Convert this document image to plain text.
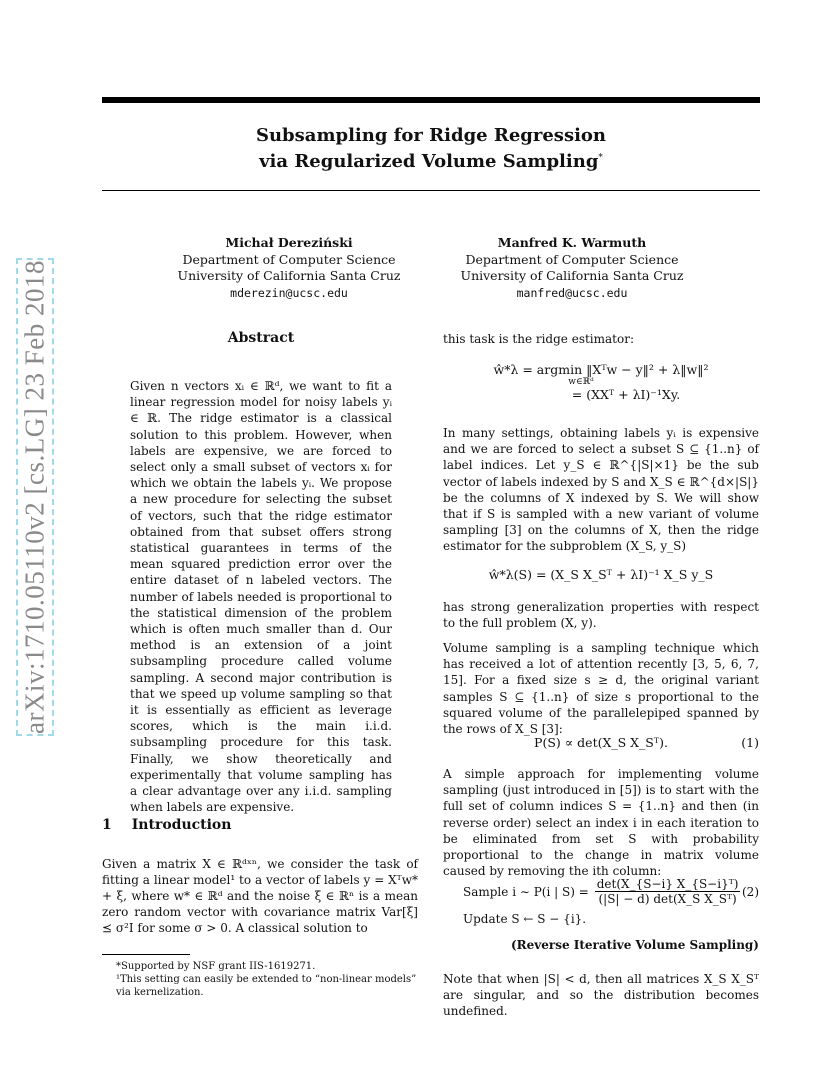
Subsampling for Ridge Regression
via Regularized Volume Sampling*
arXiv:1710.05110v2 [cs.LG] 23 Feb 2018
Michał Dereziński
Department of Computer Science
University of California Santa Cruz
mderezin@ucsc.edu
Manfred K. Warmuth
Department of Computer Science
University of California Santa Cruz
manfred@ucsc.edu
Abstract

Given n vectors xᵢ ∈ ℝᵈ, we want to fit a linear regression model for noisy labels yᵢ ∈ ℝ. The ridge estimator is a classical solution to this problem. However, when labels are expensive, we are forced to select only a small subset of vectors xᵢ for which we obtain the labels yᵢ. We propose a new procedure for selecting the subset of vectors, such that the ridge estimator obtained from that subset offers strong statistical guarantees in terms of the mean squared prediction error over the entire dataset of n labeled vectors. The number of labels needed is proportional to the statistical dimension of the problem which is often much smaller than d. Our method is an extension of a joint subsampling procedure called volume sampling. A second major contribution is that we speed up volume sampling so that it is essentially as efficient as leverage scores, which is the main i.i.d. subsampling procedure for this task. Finally, we show theoretically and experimentally that volume sampling has a clear advantage over any i.i.d. sampling when labels are expensive.

1 Introduction

Given a matrix X ∈ ℝᵈˣⁿ, we consider the task of fitting a linear model¹ to a vector of labels y = Xᵀw* + ξ, where w* ∈ ℝᵈ and the noise ξ ∈ ℝⁿ is a mean zero random vector with covariance matrix Var[ξ] ⪯ σ²I for some σ > 0. A classical solution to

*Supported by NSF grant IIS-1619271.
¹This setting can easily be extended to “non-linear models” via kernelization.

this task is the ridge estimator:

ŵ*λ = argmin ‖Xᵀw − y‖² + λ‖w‖²
w∈ℝᵈ
= (XXᵀ + λI)⁻¹Xy.

In many settings, obtaining labels yᵢ is expensive and we are forced to select a subset S ⊆ {1..n} of label indices. Let y_S ∈ ℝ^{|S|×1} be the sub vector of labels indexed by S and X_S ∈ ℝ^{d×|S|} be the columns of X indexed by S. We will show that if S is sampled with a new variant of volume sampling [3] on the columns of X, then the ridge estimator for the subproblem (X_S, y_S)

ŵ*λ(S) = (X_S X_Sᵀ + λI)⁻¹ X_S y_S

has strong generalization properties with respect to the full problem (X, y).

Volume sampling is a sampling technique which has received a lot of attention recently [3, 5, 6, 7, 15]. For a fixed size s ≥ d, the original variant samples S ⊆ {1..n} of size s proportional to the squared volume of the parallelepiped spanned by the rows of X_S [3]:

P(S) ∝ det(X_S X_Sᵀ).	(1)

A simple approach for implementing volume sampling (just introduced in [5]) is to start with the full set of column indices S = {1..n} and then (in reverse order) select an index i in each iteration to be eliminated from set S with probability proportional to the change in matrix volume caused by removing the ith column:

Sample i ∼ P(i | S) =
det(X_{S−i} X_{S−i}ᵀ)
(|S| − d) det(X_S X_Sᵀ)
(2)
Update S ← S − {i}.
(Reverse Iterative Volume Sampling)

Note that when |S| < d, then all matrices X_S X_Sᵀ are singular, and so the distribution becomes undefined.
